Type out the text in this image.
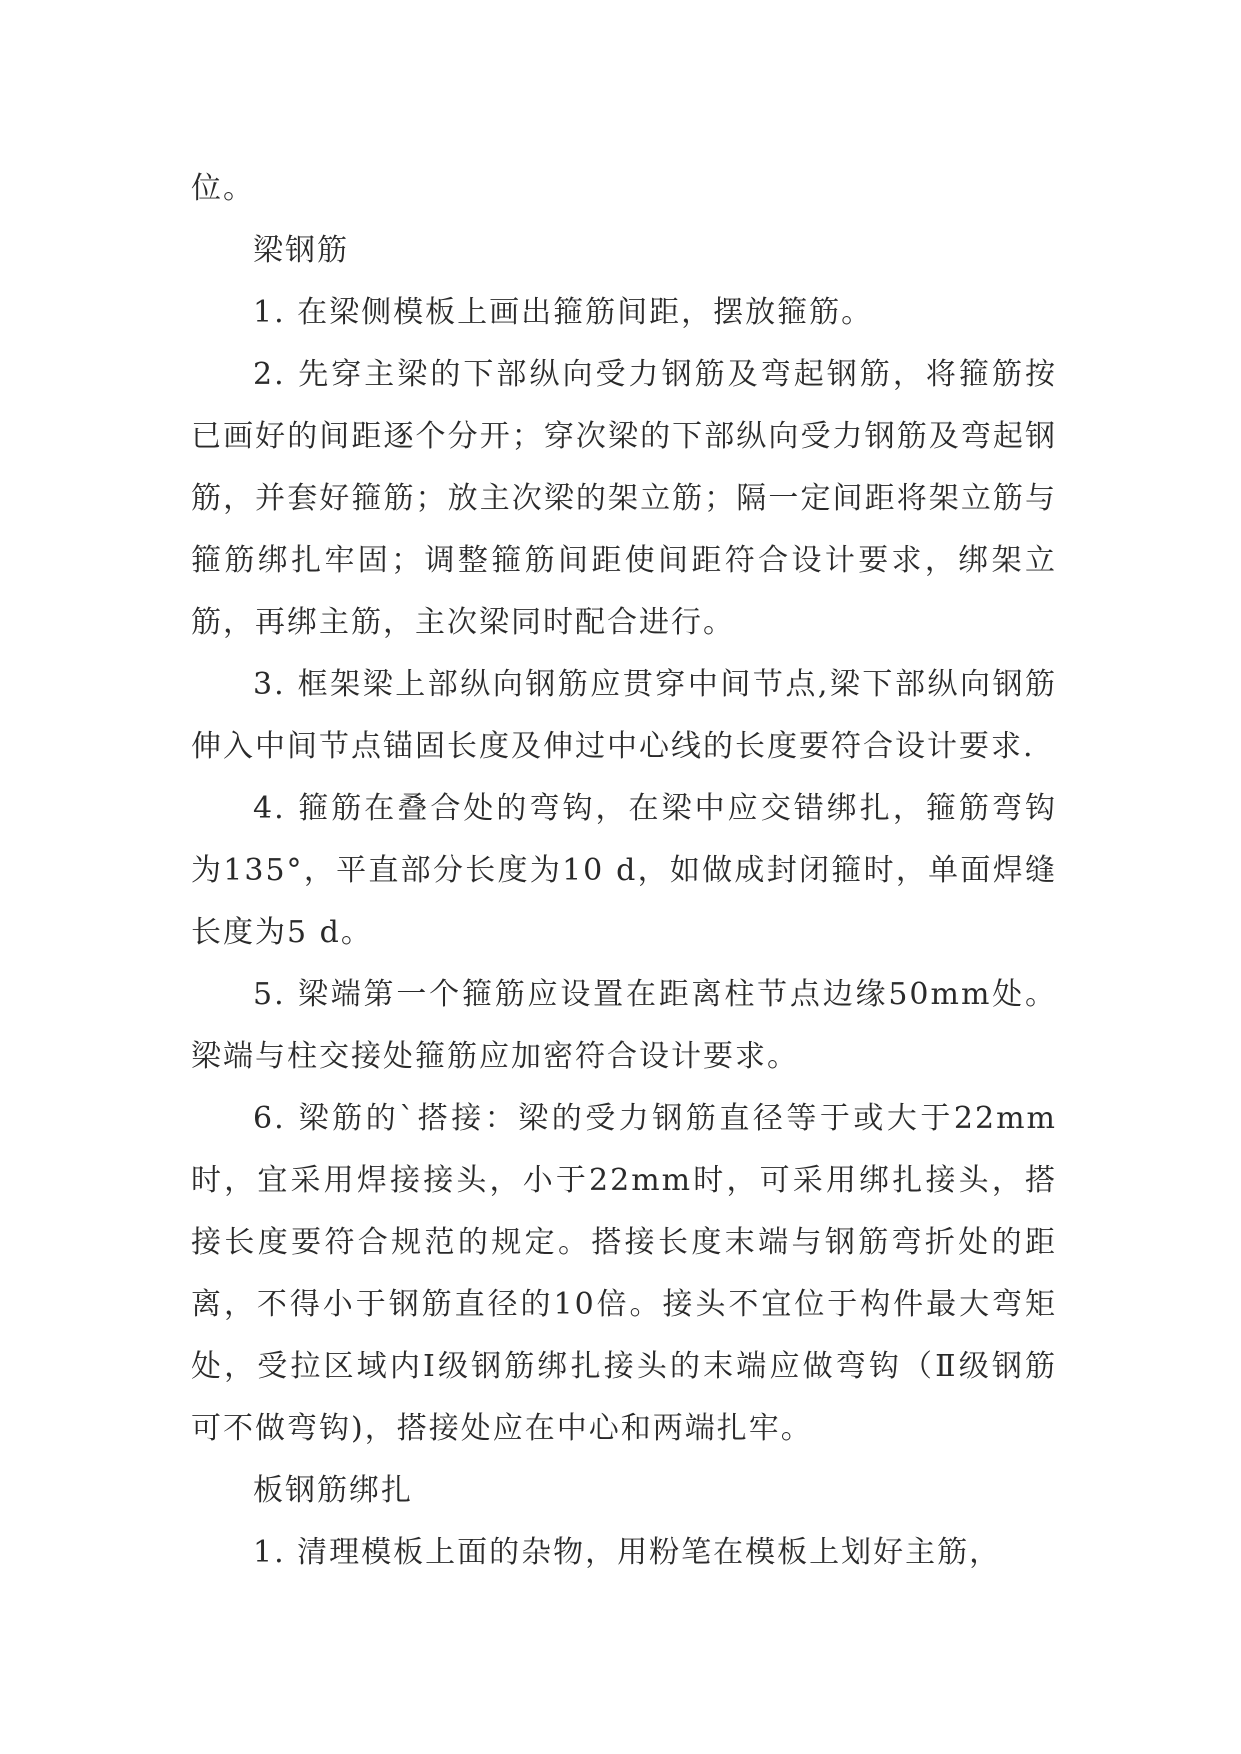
位。

梁钢筋

1. 在梁侧模板上画出箍筋间距，摆放箍筋。

2. 先穿主梁的下部纵向受力钢筋及弯起钢筋，将箍筋按已画好的间距逐个分开；穿次梁的下部纵向受力钢筋及弯起钢筋，并套好箍筋；放主次梁的架立筋；隔一定间距将架立筋与箍筋绑扎牢固；调整箍筋间距使间距符合设计要求，绑架立筋，再绑主筋，主次梁同时配合进行。

3. 框架梁上部纵向钢筋应贯穿中间节点,梁下部纵向钢筋伸入中间节点锚固长度及伸过中心线的长度要符合设计要求.

4. 箍筋在叠合处的弯钩，在梁中应交错绑扎，箍筋弯钩为135°，平直部分长度为10 d，如做成封闭箍时，单面焊缝长度为5 d。

5. 梁端第一个箍筋应设置在距离柱节点边缘50mm处。梁端与柱交接处箍筋应加密符合设计要求。

6. 梁筋的`搭接：梁的受力钢筋直径等于或大于22mm时，宜采用焊接接头，小于22mm时，可采用绑扎接头，搭接长度要符合规范的规定。搭接长度末端与钢筋弯折处的距离，不得小于钢筋直径的10倍。接头不宜位于构件最大弯矩处，受拉区域内Ⅰ级钢筋绑扎接头的末端应做弯钩（Ⅱ级钢筋可不做弯钩)，搭接处应在中心和两端扎牢。

板钢筋绑扎

1. 清理模板上面的杂物，用粉笔在模板上划好主筋，
